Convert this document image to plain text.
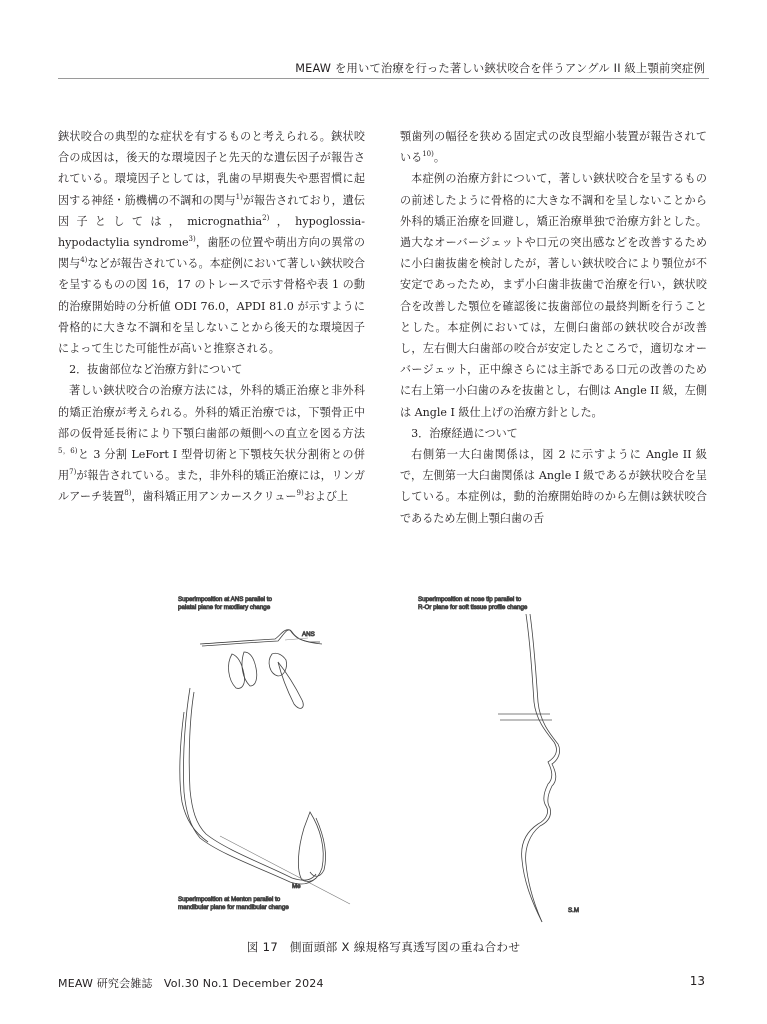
MEAW を用いて治療を行った著しい鋏状咬合を伴うアングル II 級上顎前突症例

鋏状咬合の典型的な症状を有するものと考えられる。鋏状咬合の成因は，後天的な環境因子と先天的な遺伝因子が報告されている。環境因子としては，乳歯の早期喪失や悪習慣に起因する神経・筋機構の不調和の関与$^{1)}$が報告されており，遺伝因子としては，micrognathia$^{2)}$，hypoglossia-hypodactylia syndrome$^{3)}$，歯胚の位置や萌出方向の異常の関与$^{4)}$などが報告されている。本症例において著しい鋏状咬合を呈するものの図 16，17 のトレースで示す骨格や表 1 の動的治療開始時の分析値 ODI 76.0，APDI 81.0 が示すように骨格的に大きな不調和を呈しないことから後天的な環境因子によって生じた可能性が高いと推察される。

2．抜歯部位など治療方針について

著しい鋏状咬合の治療方法には，外科的矯正治療と非外科的矯正治療が考えられる。外科的矯正治療では，下顎骨正中部の仮骨延長術により下顎臼歯部の頬側への直立を図る方法$^{5,6)}$と 3 分割 LeFort I 型骨切術と下顎枝矢状分割術との併用$^{7)}$が報告されている。また，非外科的矯正治療には，リンガルアーチ装置$^{8)}$，歯科矯正用アンカースクリュー$^{9)}$および上

顎歯列の幅径を狭める固定式の改良型縮小装置が報告されている$^{10)}$。

本症例の治療方針について，著しい鋏状咬合を呈するものの前述したように骨格的に大きな不調和を呈しないことから外科的矯正治療を回避し，矯正治療単独で治療方針とした。過大なオーバージェットや口元の突出感などを改善するために小臼歯抜歯を検討したが，著しい鋏状咬合により顎位が不安定であったため，まず小臼歯非抜歯で治療を行い，鋏状咬合を改善した顎位を確認後に抜歯部位の最終判断を行うこととした。本症例においては，左側臼歯部の鋏状咬合が改善し，左右側大臼歯部の咬合が安定したところで，適切なオーバージェット，正中線さらには主訴である口元の改善のために右上第一小臼歯のみを抜歯とし，右側は Angle II 級，左側は Angle I 級仕上げの治療方針とした。

3．治療経過について

右側第一大臼歯関係は，図 2 に示すように Angle II 級で，左側第一大臼歯関係は Angle I 級であるが鋏状咬合を呈している。本症例は，動的治療開始時のから左側は鋏状咬合であるため左側上顎臼歯の舌

Superimposition at ANS parallel to
palatal plane for maxillary change
ANS
Me
Superimposition at Menton parallel to
mandibular plane for mandibular change
Superimposition at nose tip parallel to
R-Or plane for soft tissue profile change
S.M
図 17　側面頭部 X 線規格写真透写図の重ね合わせ
MEAW 研究会雑誌　Vol.30 No.1 December 2024	13
